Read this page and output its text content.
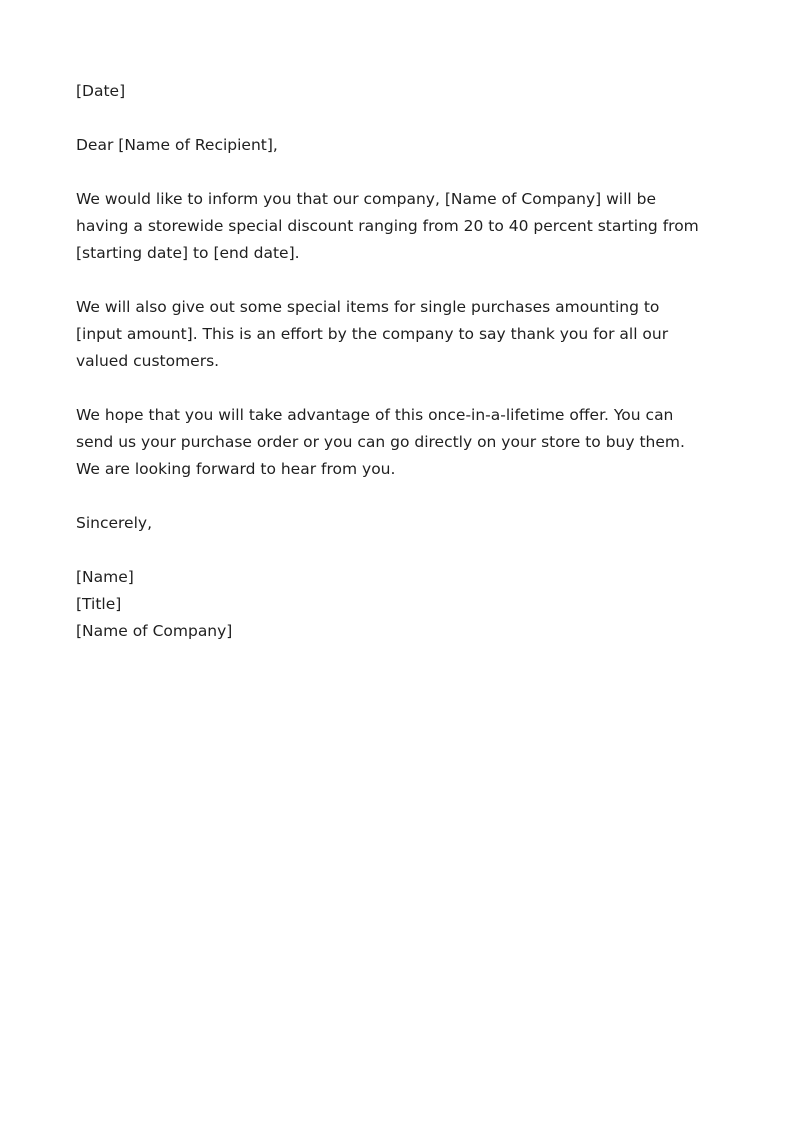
[Date]
Dear [Name of Recipient],
We would like to inform you that our company, [Name of Company] will be
having a storewide special discount ranging from 20 to 40 percent starting from
[starting date] to [end date].
We will also give out some special items for single purchases amounting to
[input amount]. This is an effort by the company to say thank you for all our
valued customers.
We hope that you will take advantage of this once-in-a-lifetime offer. You can
send us your purchase order or you can go directly on your store to buy them.
We are looking forward to hear from you.
Sincerely,
[Name]
[Title]
[Name of Company]
